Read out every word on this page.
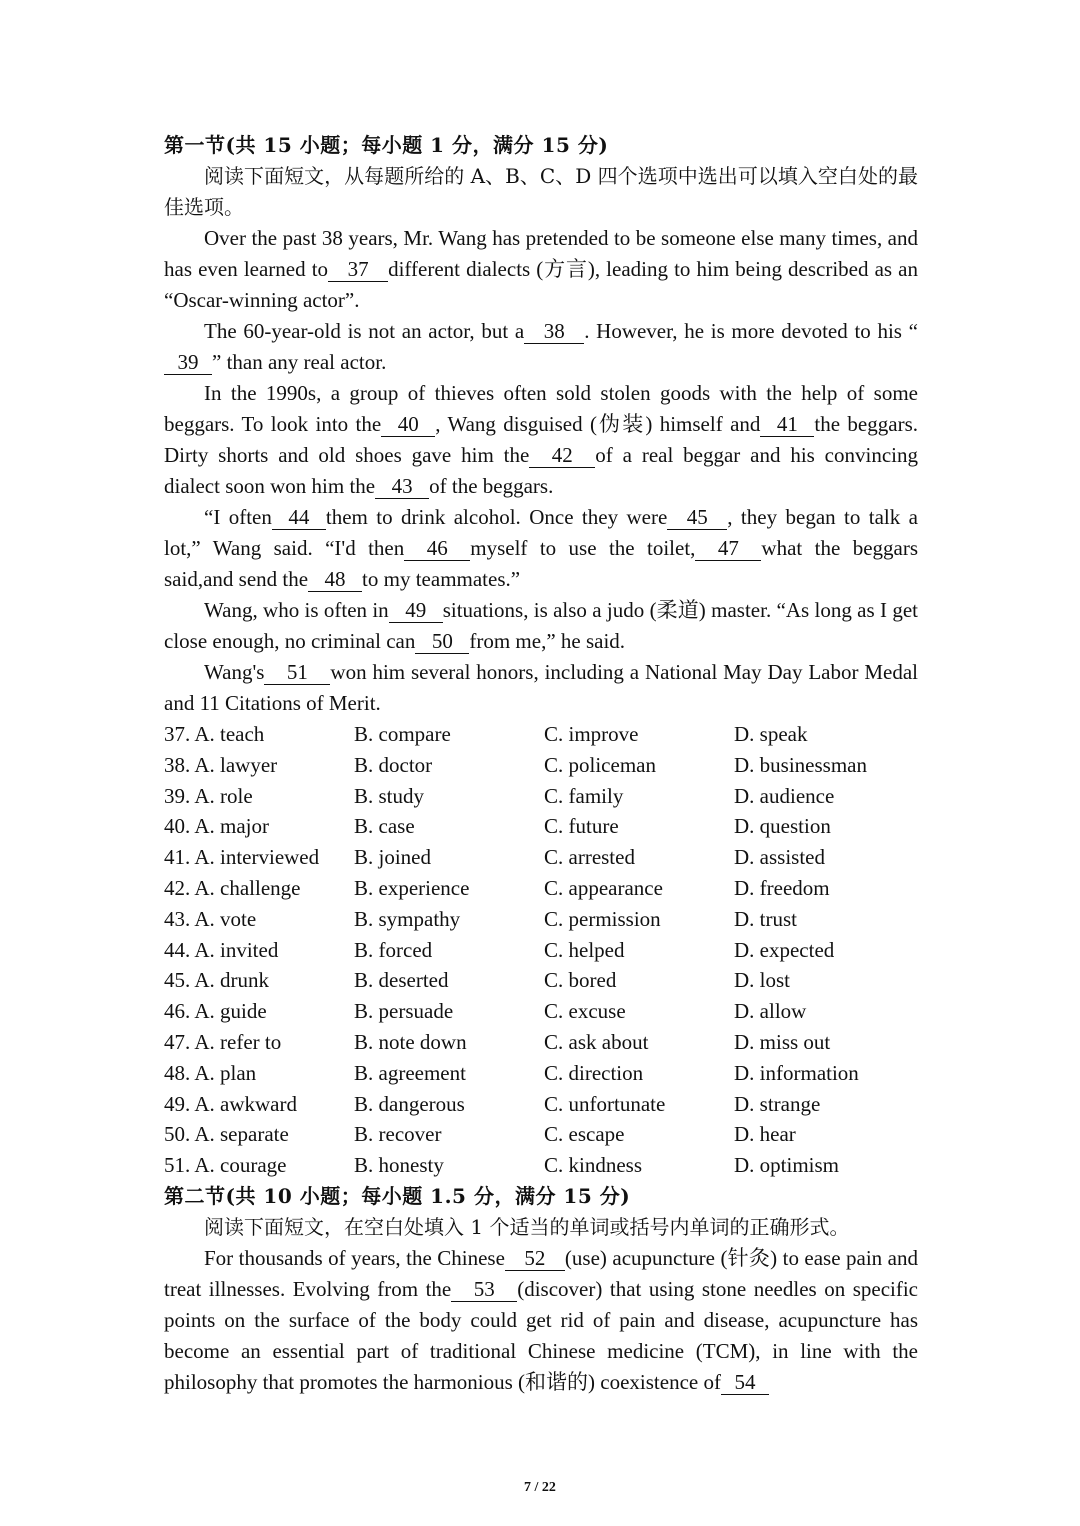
第一节(共 15 小题；每小题 1 分，满分 15 分)
阅读下面短文，从每题所给的 A、B、C、D 四个选项中选出可以填入空白处的最佳选项。

Over the past 38 years, Mr. Wang has pretended to be someone else many times, and has even learned to 37 different dialects (方言), leading to him being described as an “Oscar-winning actor”.

The 60-year-old is not an actor, but a 38 . However, he is more devoted to his “39 ” than any real actor.

In the 1990s, a group of thieves often sold stolen goods with the help of some beggars. To look into the 40 , Wang disguised (伪装) himself and 41 the beggars. Dirty shorts and old shoes gave him the 42 of a real beggar and his convincing dialect soon won him the 43 of the beggars.

“I often 44 them to drink alcohol. Once they were 45 , they began to talk a lot,” Wang said. “I'd then 46 myself to use the toilet, 47 what the beggars said,and send the 48 to my teammates.”

Wang, who is often in 49 situations, is also a judo (柔道) master. “As long as I get close enough, no criminal can 50 from me,” he said.

Wang's 51 won him several honors, including a National May Day Labor Medal and 11 Citations of Merit.

37. A. teach	B. compare	C. improve	D. speak
38. A. lawyer	B. doctor	C. policeman	D. businessman
39. A. role	B. study	C. family	D. audience
40. A. major	B. case	C. future	D. question
41. A. interviewed	B. joined	C. arrested	D. assisted
42. A. challenge	B. experience	C. appearance	D. freedom
43. A. vote	B. sympathy	C. permission	D. trust
44. A. invited	B. forced	C. helped	D. expected
45. A. drunk	B. deserted	C. bored	D. lost
46. A. guide	B. persuade	C. excuse	D. allow
47. A. refer to	B. note down	C. ask about	D. miss out
48. A. plan	B. agreement	C. direction	D. information
49. A. awkward	B. dangerous	C. unfortunate	D. strange
50. A. separate	B. recover	C. escape	D. hear
51. A. courage	B. honesty	C. kindness	D. optimism
第二节(共 10 小题；每小题 1.5 分，满分 15 分)
阅读下面短文，在空白处填入 1 个适当的单词或括号内单词的正确形式。

For thousands of years, the Chinese 52 (use) acupuncture (针灸) to ease pain and treat illnesses. Evolving from the 53 (discover) that using stone needles on specific points on the surface of the body could get rid of pain and disease, acupuncture has become an essential part of traditional Chinese medicine (TCM), in line with the philosophy that promotes the harmonious (和谐的) coexistence of 54

7 / 22
